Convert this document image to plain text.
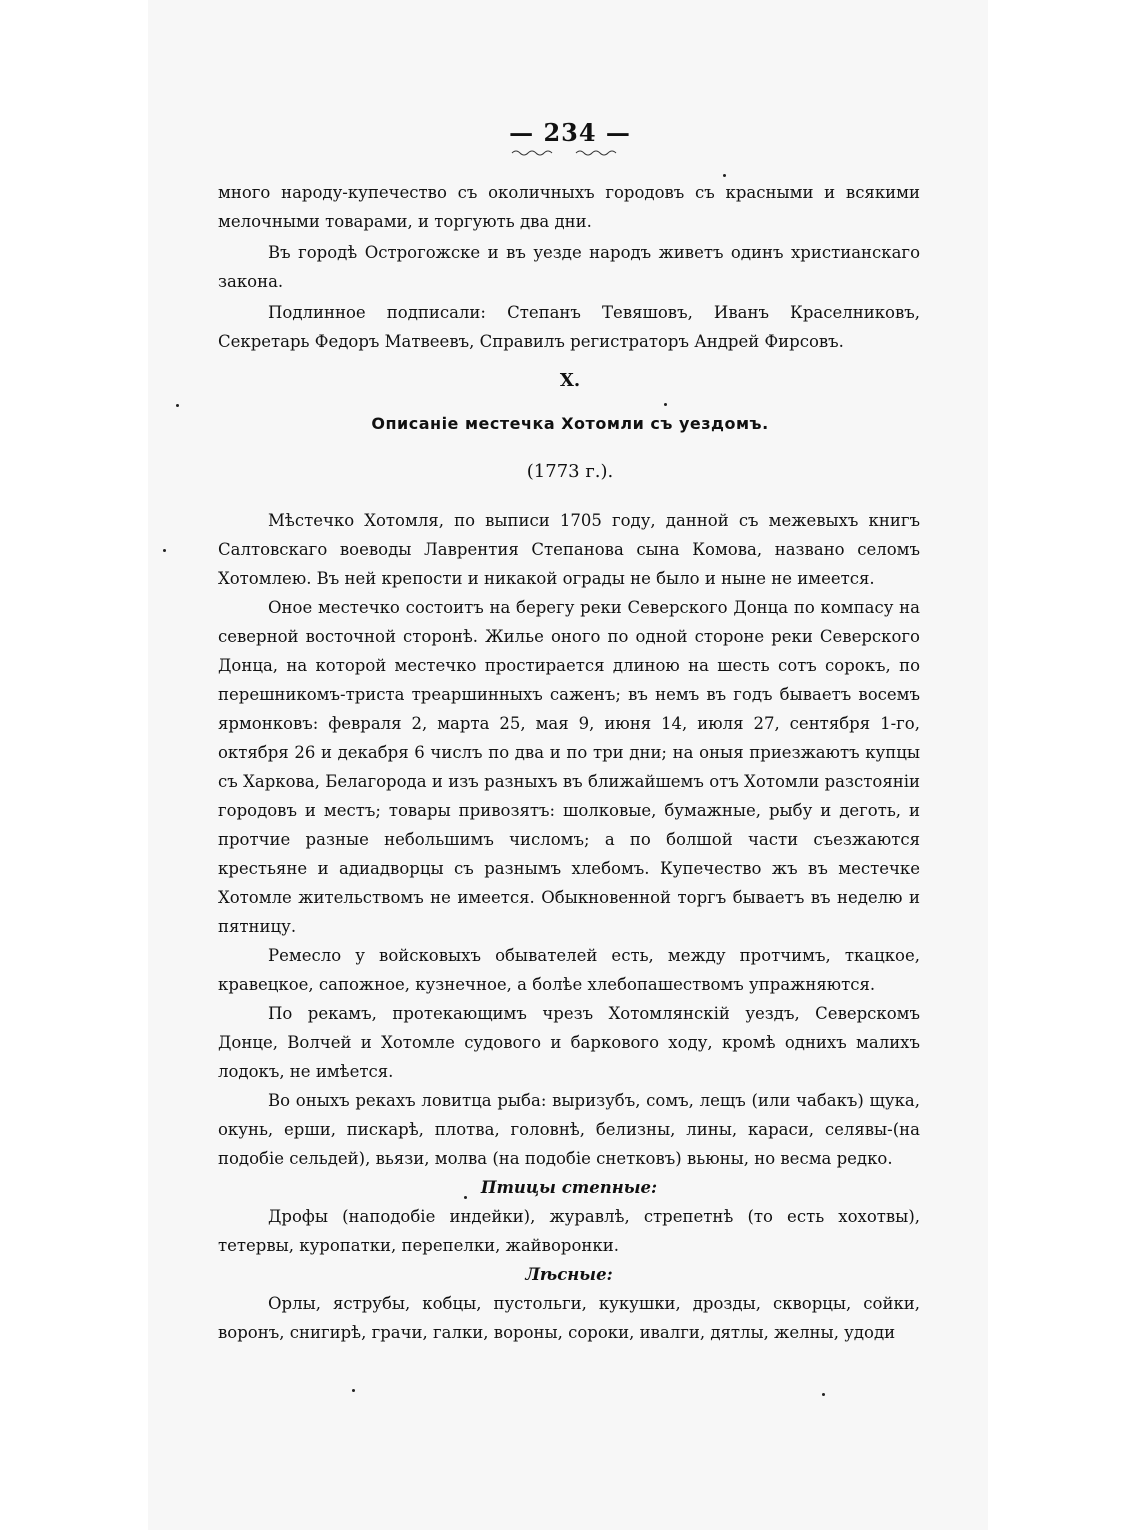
— 234 —

много народу-купечество съ околичныхъ городовъ съ красными и всякими мелочными товарами, и торгують два дни.

Въ городѣ Острогожске и въ уезде народъ живетъ одинъ христианскаго закона.

Подлинное подписали: Степанъ Тевяшовъ, Иванъ Краселниковъ, Секретарь Федоръ Матвеевъ, Справилъ регистраторъ Андрей Фирсовъ.

X.
Описаніе местечка Хотомли съ уездомъ.
(1773 г.).

Мѣстечко Хотомля, по выписи 1705 году, данной съ межевыхъ книгъ Салтовскаго воеводы Лаврентия Степанова сына Комова, названо селомъ Хотомлею. Въ ней крепости и никакой ограды не было и ныне не имеется.

Оное местечко состоитъ на берегу реки Северского Донца по компасу на северной восточной сторонѣ. Жилье оного по одной стороне реки Северского Донца, на которой местечко простирается длиною на шесть сотъ сорокъ, по перешникомъ-триста треаршинныхъ саженъ; въ немъ въ годъ бываетъ восемъ ярмонковъ: февраля 2, марта 25, мая 9, июня 14, июля 27, сентября 1-го, октября 26 и декабря 6 числъ по два и по три дни; на оныя приезжаютъ купцы съ Харкова, Белагорода и изъ разныхъ въ ближайшемъ отъ Хотомли разстояніи городовъ и местъ; товары привозятъ: шолковые, бумажные, рыбу и деготь, и протчие разные небольшимъ числомъ; а по болшой части съезжаются крестьяне и адиадворцы съ разнымъ хлебомъ. Купечество жъ въ местечке Хотомле жительствомъ не имеется. Обыкновенной торгъ бываетъ въ неделю и пятницу.

Ремесло у войсковыхъ обывателей есть, между протчимъ, ткацкое, кравецкое, сапожное, кузнечное, а болѣе хлебопашествомъ упражняются.

По рекамъ, протекающимъ чрезъ Хотомлянскій уездъ, Северскомъ Донце, Волчей и Хотомле судового и баркового ходу, кромѣ однихъ малихъ лодокъ, не имѣется.

Во оныхъ рекахъ ловитца рыба: выризубъ, сомъ, лещъ (или чабакъ) щука, окунь, ерши, пискарѣ, плотва, головнѣ, белизны, лины, караси, селявы-(на подобіе сельдей), вьязи, молва (на подобіе снетковъ) вьюны, но весма редко.

Птицы степные:

Дрофы (наподобіе индейки), журавлѣ, стрепетнѣ (то есть хохотвы), тетервы, куропатки, перепелки, жайворонки.

Лѣсные:

Орлы, яструбы, кобцы, пустольги, кукушки, дрозды, скворцы, сойки, воронъ, снигирѣ, грачи, галки, вороны, сороки, ивалги, дятлы, желны, удоди
